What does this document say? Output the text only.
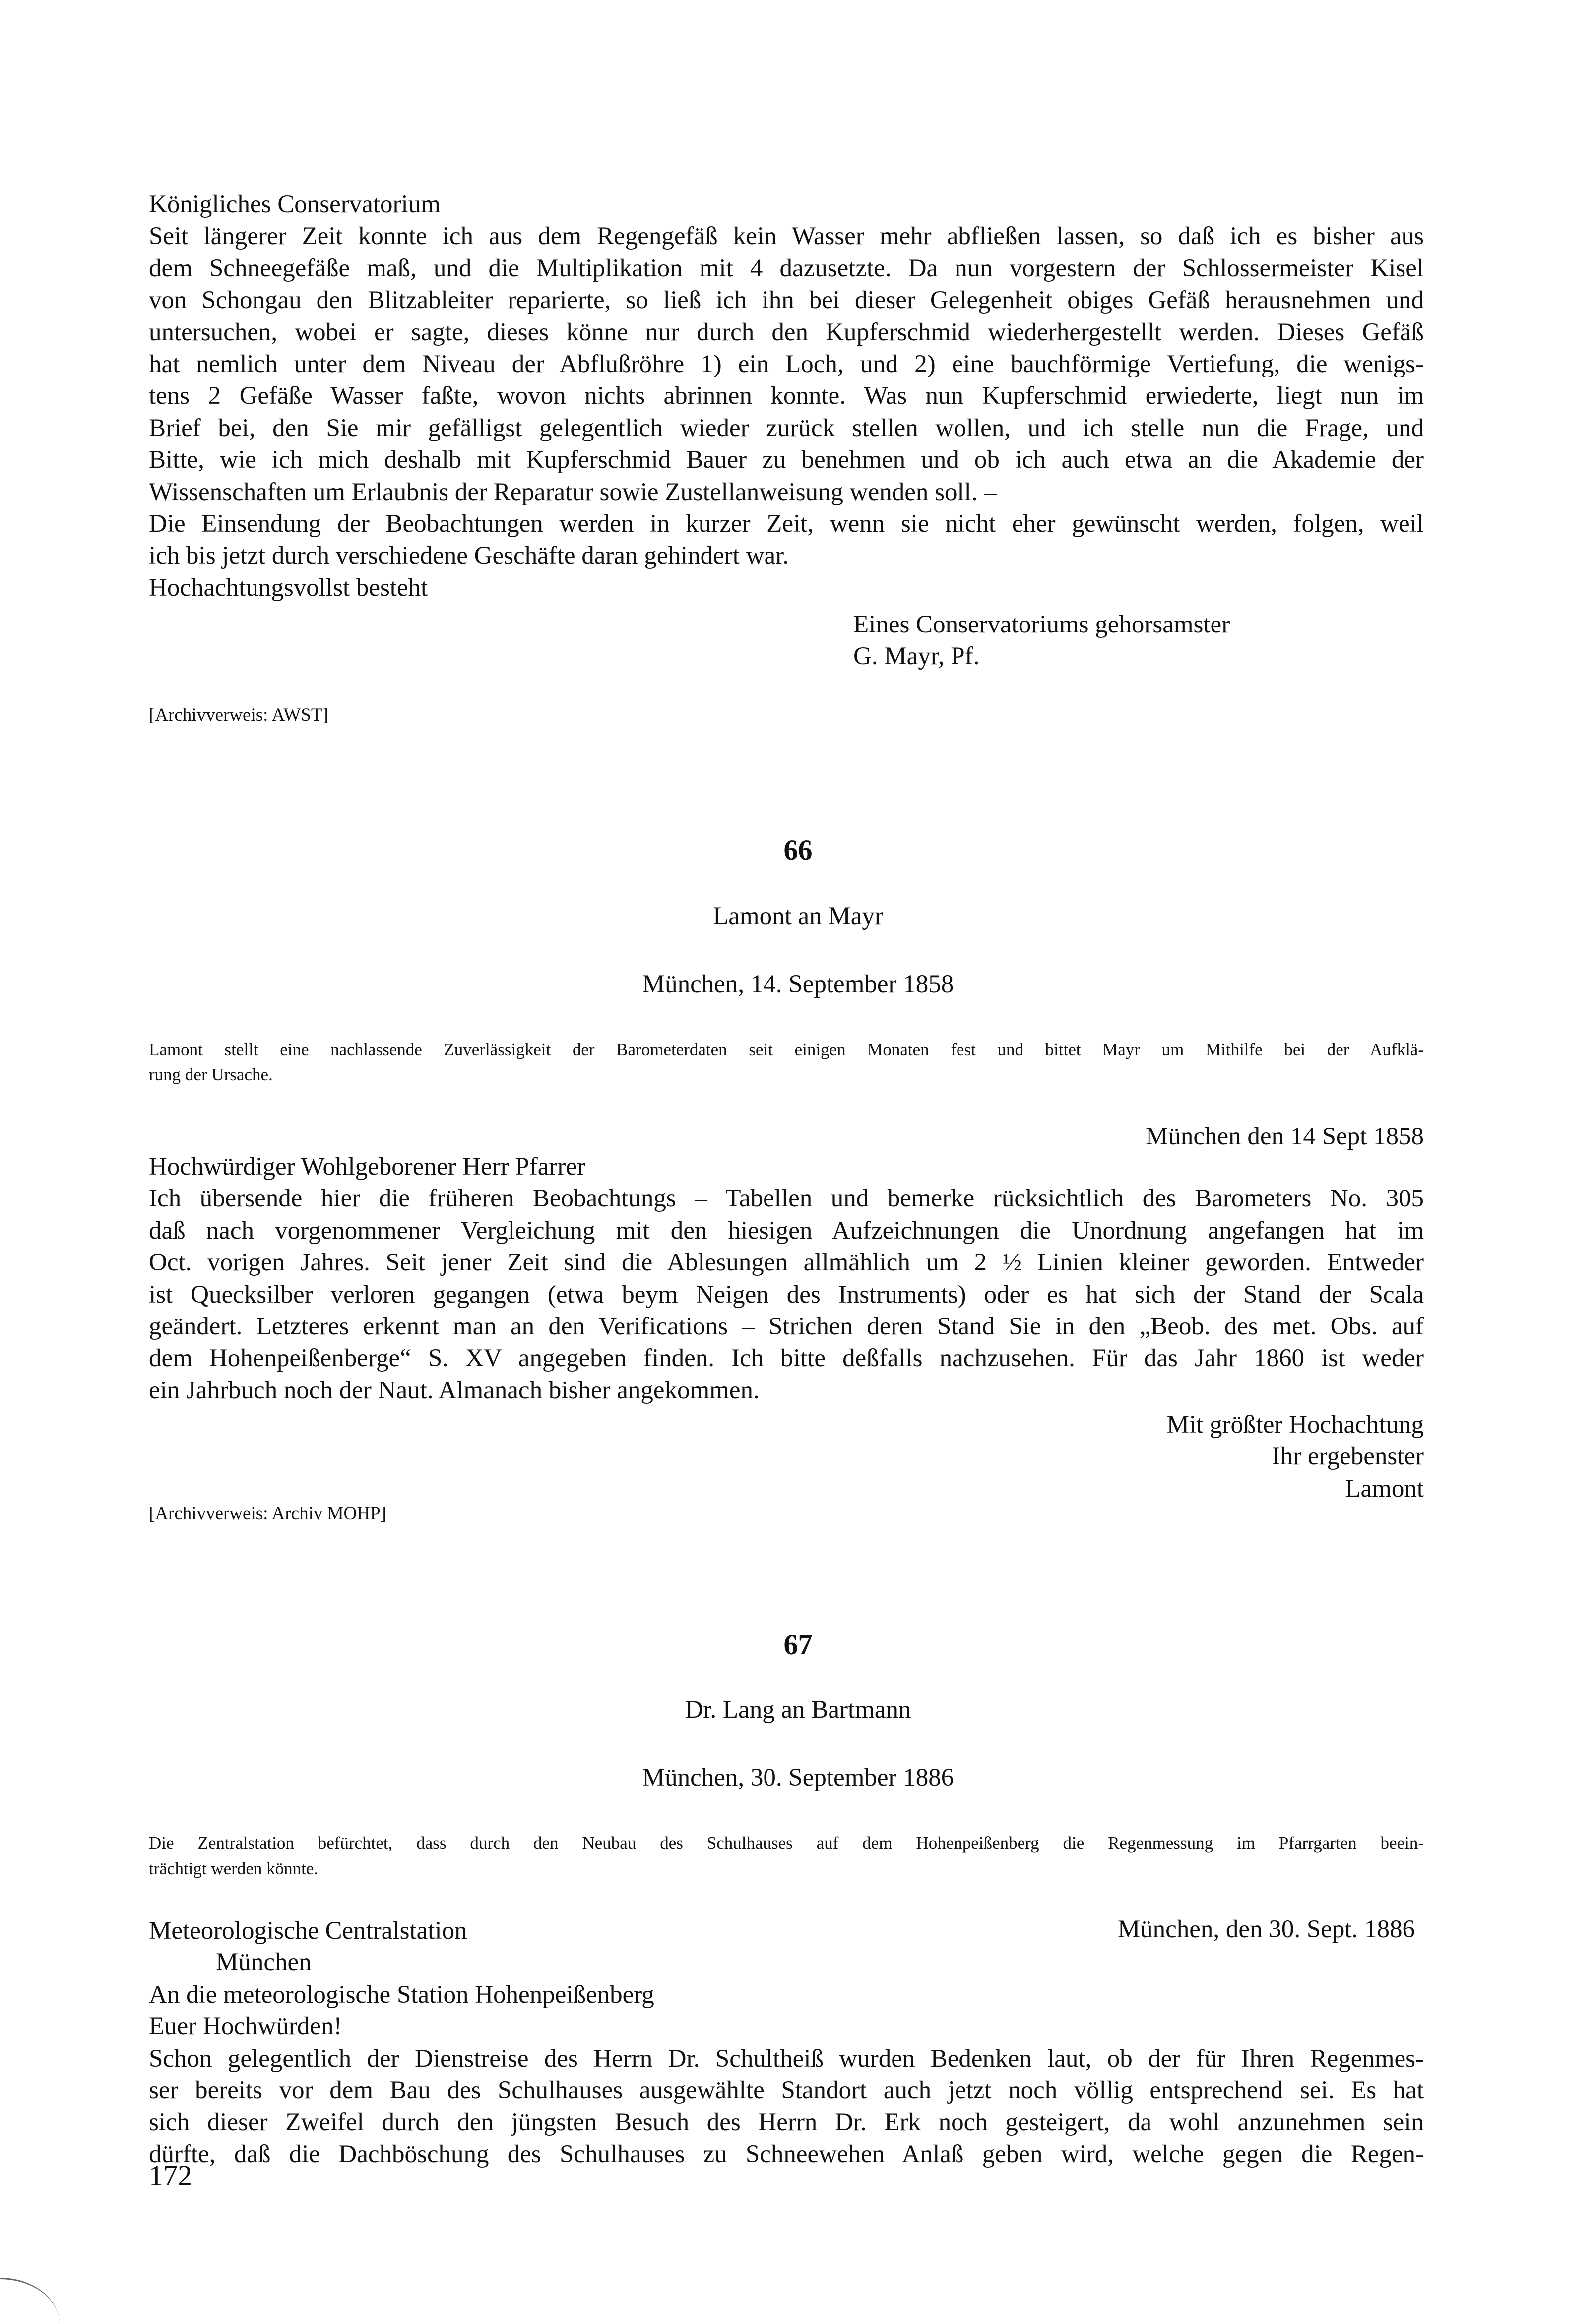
Königliches Conservatorium
Seit längerer Zeit konnte ich aus dem Regengefäß kein Wasser mehr abfließen lassen, so daß ich es bisher aus
dem Schneegefäße maß, und die Multiplikation mit 4 dazusetzte. Da nun vorgestern der Schlossermeister Kisel
von Schongau den Blitzableiter reparierte, so ließ ich ihn bei dieser Gelegenheit obiges Gefäß herausnehmen und
untersuchen, wobei er sagte, dieses könne nur durch den Kupferschmid wiederhergestellt werden. Dieses Gefäß
hat nemlich unter dem Niveau der Abflußröhre 1) ein Loch, und 2) eine bauchförmige Vertiefung, die wenigs-
tens 2 Gefäße Wasser faßte, wovon nichts abrinnen konnte. Was nun Kupferschmid erwiederte, liegt nun im
Brief bei, den Sie mir gefälligst gelegentlich wieder zurück stellen wollen, und ich stelle nun die Frage, und
Bitte, wie ich mich deshalb mit Kupferschmid Bauer zu benehmen und ob ich auch etwa an die Akademie der
Wissenschaften um Erlaubnis der Reparatur sowie Zustellanweisung wenden soll. –
Die Einsendung der Beobachtungen werden in kurzer Zeit, wenn sie nicht eher gewünscht werden, folgen, weil
ich bis jetzt durch verschiedene Geschäfte daran gehindert war.
Hochachtungsvollst besteht
Eines Conservatoriums gehorsamster
G. Mayr, Pf.
[Archivverweis: AWST]
66
Lamont an Mayr
München, 14. September 1858
Lamont stellt eine nachlassende Zuverlässigkeit der Barometerdaten seit einigen Monaten fest und bittet Mayr um Mithilfe bei der Aufklä-
rung der Ursache.
München den 14 Sept 1858
Hochwürdiger Wohlgeborener Herr Pfarrer
Ich übersende hier die früheren Beobachtungs – Tabellen und bemerke rücksichtlich des Barometers No. 305
daß nach vorgenommener Vergleichung mit den hiesigen Aufzeichnungen die Unordnung angefangen hat im
Oct. vorigen Jahres. Seit jener Zeit sind die Ablesungen allmählich um 2 ½ Linien kleiner geworden. Entweder
ist Quecksilber verloren gegangen (etwa beym Neigen des Instruments) oder es hat sich der Stand der Scala
geändert. Letzteres erkennt man an den Verifications – Strichen deren Stand Sie in den „Beob. des met. Obs. auf
dem Hohenpeißenberge“ S. XV angegeben finden. Ich bitte deßfalls nachzusehen. Für das Jahr 1860 ist weder
ein Jahrbuch noch der Naut. Almanach bisher angekommen.
Mit größter Hochachtung
Ihr ergebenster
Lamont
[Archivverweis: Archiv MOHP]
67
Dr. Lang an Bartmann
München, 30. September 1886
Die Zentralstation befürchtet, dass durch den Neubau des Schulhauses auf dem Hohenpeißenberg die Regenmessung im Pfarrgarten beein-
trächtigt werden könnte.
Meteorologische Centralstation
München
An die meteorologische Station Hohenpeißenberg
Euer Hochwürden!
Schon gelegentlich der Dienstreise des Herrn Dr. Schultheiß wurden Bedenken laut, ob der für Ihren Regenmes-
ser bereits vor dem Bau des Schulhauses ausgewählte Standort auch jetzt noch völlig entsprechend sei. Es hat
sich dieser Zweifel durch den jüngsten Besuch des Herrn Dr. Erk noch gesteigert, da wohl anzunehmen sein
dürfte, daß die Dachböschung des Schulhauses zu Schneewehen Anlaß geben wird, welche gegen die Regen-
München, den 30. Sept. 1886
172
